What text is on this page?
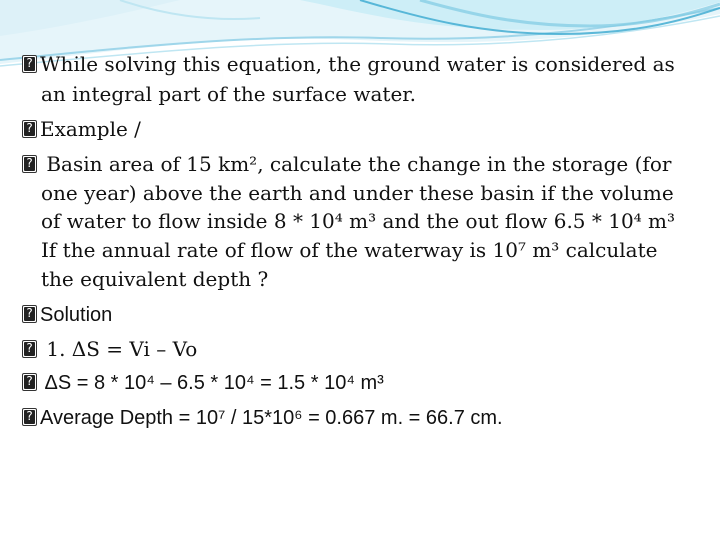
?While solving this equation, the ground water is considered as
an integral part of the surface water.
?Example /
? Basin area of 15 km², calculate the change in the storage (for
one year) above the earth and under these basin if the volume
of water to flow inside 8 * 10⁴ m³ and the out flow 6.5 * 10⁴ m³
If the annual rate of flow of the waterway is 10⁷ m³ calculate
the equivalent depth ?
?Solution
? 1. ΔS = Vi – Vo
? ΔS = 8 * 10⁴ – 6.5 * 10⁴ = 1.5 * 10⁴ m³
?Average Depth = 10⁷ / 15*10⁶ = 0.667 m. = 66.7 cm.
